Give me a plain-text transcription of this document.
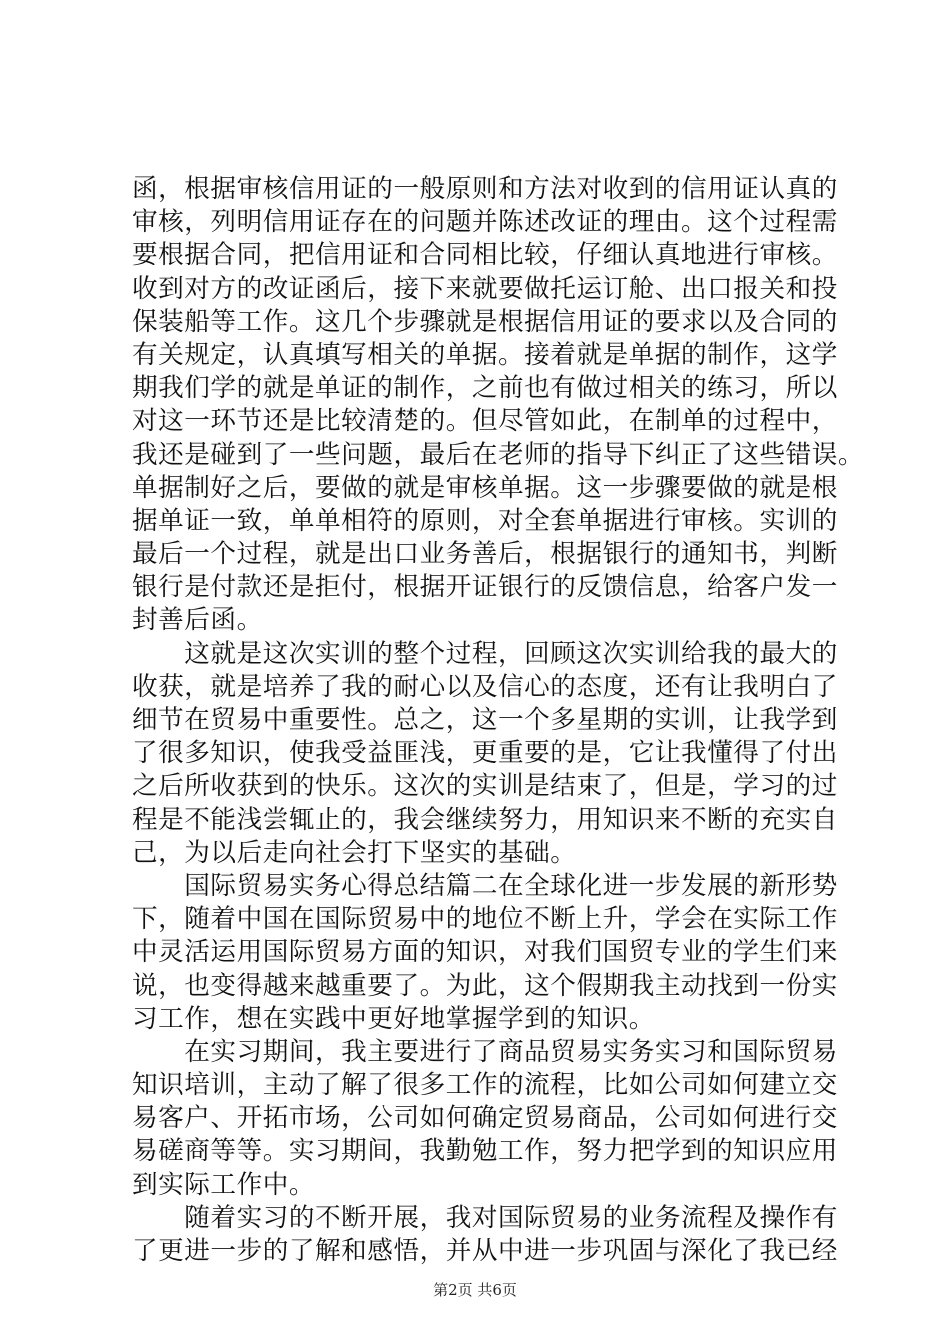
函，根据审核信用证的一般原则和方法对收到的信用证认真的
审核，列明信用证存在的问题并陈述改证的理由。这个过程需
要根据合同，把信用证和合同相比较，仔细认真地进行审核。
收到对方的改证函后，接下来就要做托运订舱、出口报关和投
保装船等工作。这几个步骤就是根据信用证的要求以及合同的
有关规定，认真填写相关的单据。接着就是单据的制作，这学
期我们学的就是单证的制作，之前也有做过相关的练习，所以
对这一环节还是比较清楚的。但尽管如此，在制单的过程中，
我还是碰到了一些问题，最后在老师的指导下纠正了这些错误。
单据制好之后，要做的就是审核单据。这一步骤要做的就是根
据单证一致，单单相符的原则，对全套单据进行审核。实训的
最后一个过程，就是出口业务善后，根据银行的通知书，判断
银行是付款还是拒付，根据开证银行的反馈信息，给客户发一
封善后函。
　　这就是这次实训的整个过程，回顾这次实训给我的最大的
收获，就是培养了我的耐心以及信心的态度，还有让我明白了
细节在贸易中重要性。总之，这一个多星期的实训，让我学到
了很多知识，使我受益匪浅，更重要的是，它让我懂得了付出
之后所收获到的快乐。这次的实训是结束了，但是，学习的过
程是不能浅尝辄止的，我会继续努力，用知识来不断的充实自
己，为以后走向社会打下坚实的基础。
　　国际贸易实务心得总结篇二在全球化进一步发展的新形势
下，随着中国在国际贸易中的地位不断上升，学会在实际工作
中灵活运用国际贸易方面的知识，对我们国贸专业的学生们来
说，也变得越来越重要了。为此，这个假期我主动找到一份实
习工作，想在实践中更好地掌握学到的知识。
　　在实习期间，我主要进行了商品贸易实务实习和国际贸易
知识培训，主动了解了很多工作的流程，比如公司如何建立交
易客户、开拓市场，公司如何确定贸易商品，公司如何进行交
易磋商等等。实习期间，我勤勉工作，努力把学到的知识应用
到实际工作中。
　　随着实习的不断开展，我对国际贸易的业务流程及操作有
了更进一步的了解和感悟，并从中进一步巩固与深化了我已经
第2页 共6页
